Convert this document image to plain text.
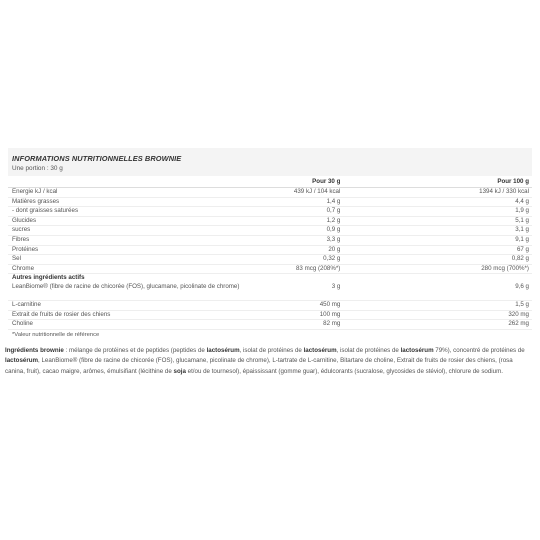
INFORMATIONS NUTRITIONNELLES BROWNIE
Une portion : 30 g
	Pour 30 g	Pour 100 g
Energie kJ / kcal	439 kJ / 104 kcal	1394 kJ / 330 kcal
Matières grasses	1,4 g	4,4 g
- dont graisses saturées	0,7 g	1,9 g
Glucides	1,2 g	5,1 g
sucres	0,9 g	3,1 g
Fibres	3,3 g	9,1 g
Protéines	20 g	67 g
Sel	0,32 g	0,82 g
Chrome	83 mcg (208%*)	280 mcg (700%*)
Autres ingrédients actifs		
LeanBiome® (fibre de racine de chicorée (FOS), glucamane, picolinate de chrome)	3 g	9,6 g
L-carnitine	450 mg	1,5 g
Extrait de fruits de rosier des chiens	100 mg	320 mg
Choline	82 mg	262 mg
*Valeur nutritionnelle de référence
Ingrédients brownie : mélange de protéines et de peptides (peptides de lactosérum, isolat de protéines de lactosérum, isolat de protéines de lactosérum 79%), concentré de protéines de lactosérum, LeanBiome® (fibre de racine de chicorée (FOS), glucamane, picolinate de chrome), L-tartrate de L-carnitine, Bitartare de choline, Extrait de fruits de rosier des chiens, (rosa canina, fruit), cacao maigre, arômes, émulsifiant (lécithine de soja et/ou de tournesol), épaississant (gomme guar), édulcorants (sucralose, glycosides de stéviol), chlorure de sodium.
